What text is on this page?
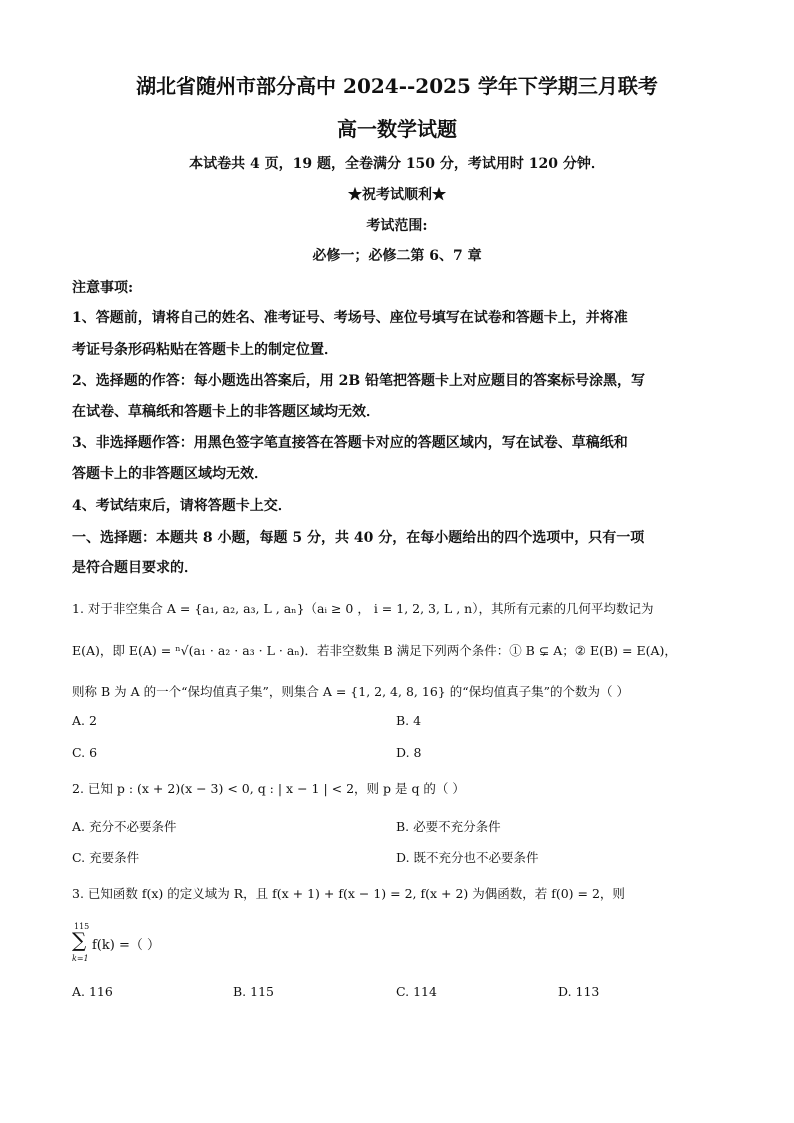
湖北省随州市部分高中 2024--2025 学年下学期三月联考
高一数学试题
本试卷共 4 页，19 题，全卷满分 150 分，考试用时 120 分钟．
★祝考试顺利★
考试范围:
必修一；必修二第 6、7 章
注意事项:
1、答题前，请将自己的姓名、准考证号、考场号、座位号填写在试卷和答题卡上，并将准
考证号条形码粘贴在答题卡上的制定位置．
2、选择题的作答：每小题选出答案后，用 2B 铅笔把答题卡上对应题目的答案标号涂黑，写
在试卷、草稿纸和答题卡上的非答题区域均无效．
3、非选择题作答：用黑色签字笔直接答在答题卡对应的答题区域内，写在试卷、草稿纸和
答题卡上的非答题区域均无效．
4、考试结束后，请将答题卡上交．
一、选择题：本题共 8 小题，每题 5 分，共 40 分，在每小题给出的四个选项中，只有一项
是符合题目要求的．
1. 对于非空集合 A = {a₁, a₂, a₃, L , aₙ}（aᵢ ≥ 0 ， i = 1, 2, 3, L , n），其所有元素的几何平均数记为
E(A)，即 E(A) = ⁿ√(a₁ · a₂ · a₃ · L · aₙ)．若非空数集 B 满足下列两个条件：① B ⊊ A；② E(B) = E(A)，
则称 B 为 A 的一个“保均值真子集”，则集合 A = {1, 2, 4, 8, 16} 的“保均值真子集”的个数为（ ）
A. 2	B. 4
C. 6	D. 8
2. 已知 p : (x + 2)(x − 3) < 0, q : | x − 1 | < 2，则 p 是 q 的（ ）
A. 充分不必要条件	B. 必要不充分条件
C. 充要条件	D. 既不充分也不必要条件
3. 已知函数 f(x) 的定义域为 R，且 f(x + 1) + f(x − 1) = 2, f(x + 2) 为偶函数，若 f(0) = 2，则
115
∑
k=1
f(k) =（ ）
A. 116	B. 115	C. 114	D. 113
